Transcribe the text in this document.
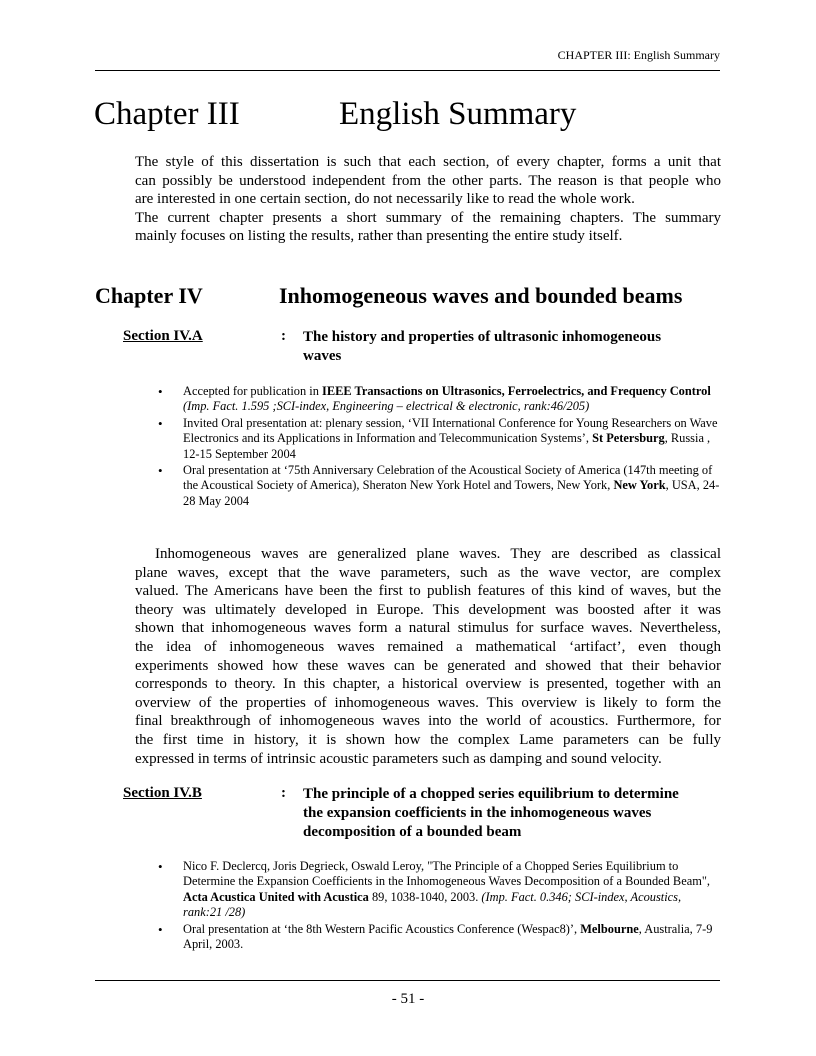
CHAPTER III: English Summary
Chapter III	English Summary
The style of this dissertation is such that each section, of every chapter, forms a unit that
can possibly be understood independent from the other parts. The reason is that people who
are interested in one certain section, do not necessarily like to read the whole work.
The current chapter presents a short summary of the remaining chapters. The summary
mainly focuses on listing the results, rather than presenting the entire study itself.
Chapter IV	Inhomogeneous waves and bounded beams
Section IV.A	: The history and properties of ultrasonic inhomogeneous
waves
• Accepted for publication in IEEE Transactions on Ultrasonics, Ferroelectrics, and Frequency Control (Imp. Fact. 1.595 ;SCI-index, Engineering – electrical & electronic, rank:46/205)
• Invited Oral presentation at: plenary session, ‘VII International Conference for Young Researchers on Wave Electronics and its Applications in Information and Telecommunication Systems’, St Petersburg, Russia , 12-15 September 2004
• Oral presentation at ‘75th Anniversary Celebration of the Acoustical Society of America (147th meeting of the Acoustical Society of America), Sheraton New York Hotel and Towers, New York, New York, USA, 24-28 May 2004
Inhomogeneous waves are generalized plane waves. They are described as classical
plane waves, except that the wave parameters, such as the wave vector, are complex
valued. The Americans have been the first to publish features of this kind of waves, but the
theory was ultimately developed in Europe. This development was boosted after it was
shown that inhomogeneous waves form a natural stimulus for surface waves. Nevertheless,
the idea of inhomogeneous waves remained a mathematical ‘artifact’, even though
experiments showed how these waves can be generated and showed that their behavior
corresponds to theory. In this chapter, a historical overview is presented, together with an
overview of the properties of inhomogeneous waves. This overview is likely to form the
final breakthrough of inhomogeneous waves into the world of acoustics. Furthermore, for
the first time in history, it is shown how the complex Lame parameters can be fully
expressed in terms of intrinsic acoustic parameters such as damping and sound velocity.
Section IV.B	: The principle of a chopped series equilibrium to determine
the expansion coefficients in the inhomogeneous waves
decomposition of a bounded beam
• Nico F. Declercq, Joris Degrieck, Oswald Leroy, "The Principle of a Chopped Series Equilibrium to Determine the Expansion Coefficients in the Inhomogeneous Waves Decomposition of a Bounded Beam", Acta Acustica United with Acustica 89, 1038-1040, 2003. (Imp. Fact. 0.346; SCI-index, Acoustics, rank:21 /28)
• Oral presentation at ‘the 8th Western Pacific Acoustics Conference (Wespac8)’, Melbourne, Australia, 7-9 April, 2003.
- 51 -
